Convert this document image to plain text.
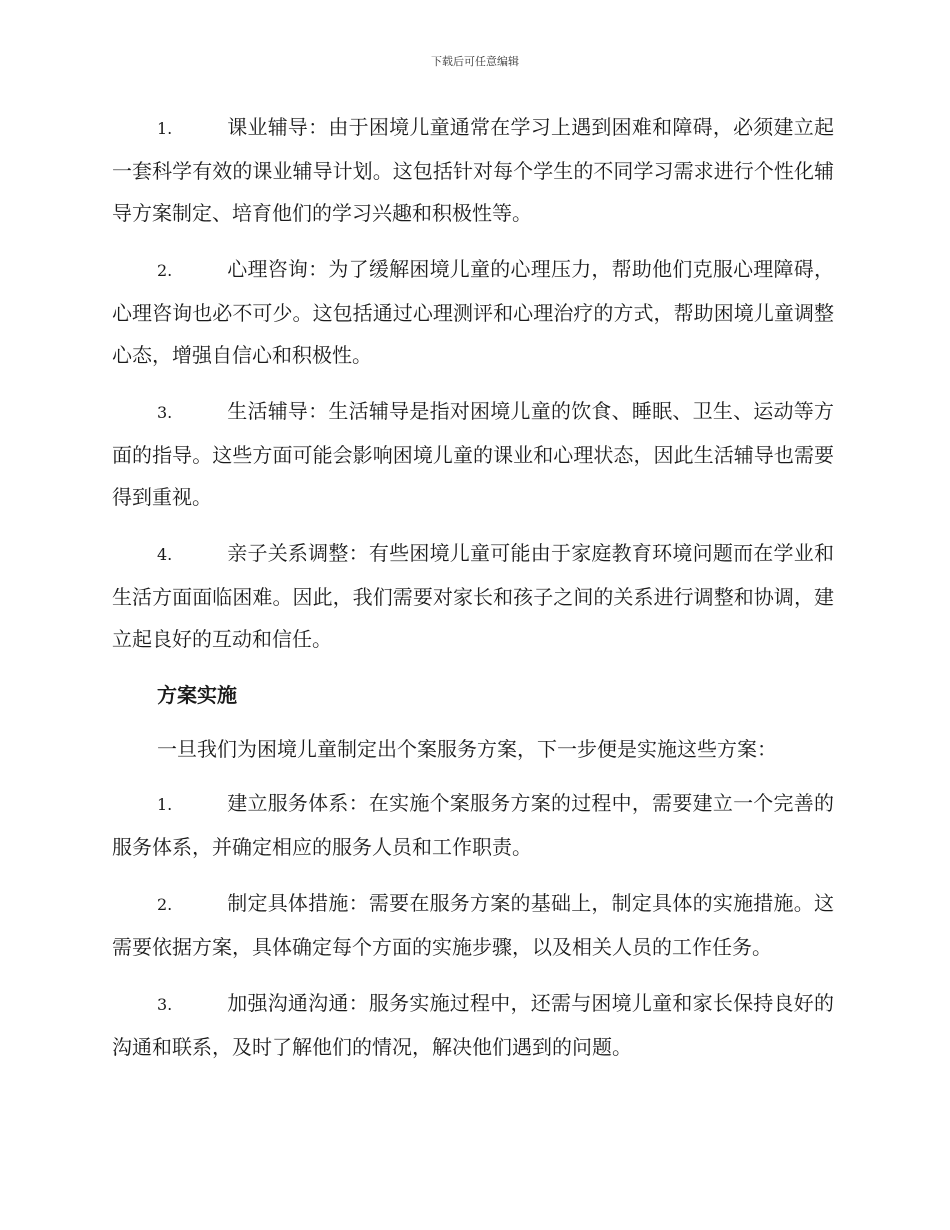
下载后可任意编辑

1.	课业辅导：由于困境儿童通常在学习上遇到困难和障碍，必须建立起一套科学有效的课业辅导计划。这包括针对每个学生的不同学习需求进行个性化辅导方案制定、培育他们的学习兴趣和积极性等。

2.	心理咨询：为了缓解困境儿童的心理压力，帮助他们克服心理障碍，心理咨询也必不可少。这包括通过心理测评和心理治疗的方式，帮助困境儿童调整心态，增强自信心和积极性。

3.	生活辅导：生活辅导是指对困境儿童的饮食、睡眠、卫生、运动等方面的指导。这些方面可能会影响困境儿童的课业和心理状态，因此生活辅导也需要得到重视。

4.	亲子关系调整：有些困境儿童可能由于家庭教育环境问题而在学业和生活方面面临困难。因此，我们需要对家长和孩子之间的关系进行调整和协调，建立起良好的互动和信任。

方案实施

一旦我们为困境儿童制定出个案服务方案，下一步便是实施这些方案：

1.	建立服务体系：在实施个案服务方案的过程中，需要建立一个完善的服务体系，并确定相应的服务人员和工作职责。

2.	制定具体措施：需要在服务方案的基础上，制定具体的实施措施。这需要依据方案，具体确定每个方面的实施步骤，以及相关人员的工作任务。

3.	加强沟通沟通：服务实施过程中，还需与困境儿童和家长保持良好的沟通和联系，及时了解他们的情况，解决他们遇到的问题。
